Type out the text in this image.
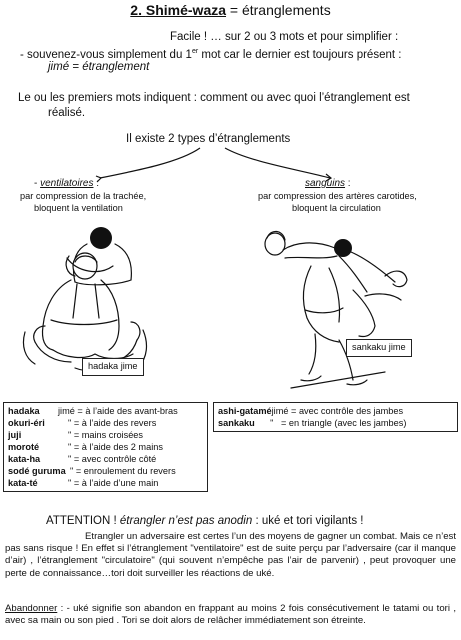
2. Shimé-waza = étranglements
Facile ! … sur 2 ou 3 mots et pour simplifier :
- souvenez-vous simplement du 1er mot car le dernier est toujours présent :
jimé = étranglement
Le ou les premiers mots indiquent : comment ou avec quoi l’étranglement est
réalisé.
Il existe 2 types d’étranglements
- ventilatoires :
par compression de la trachée,
bloquent la ventilation
sanguins :
par compression des artères carotides,
bloquent la circulation
hadaka jime
sankaku jime
hadaka	jimé = à l’aide des avant-bras
okuri-éri	" = à l’aide des revers
juji	" = mains croisées
moroté	" = à l’aide des 2 mains
kata-ha	" = avec contrôle côté
sodé guruma " = enroulement du revers
kata-té	" = à l’aide d’une main
ashi-gatamé jimé = avec contrôle des jambes
sankaku "   = en triangle (avec les jambes)
ATTENTION ! étrangler n’est pas anodin : uké et tori vigilants !
Etrangler un adversaire est certes l’un des moyens de gagner un combat. Mais ce n’est pas sans risque ! En effet si l’étranglement "ventilatoire" est de suite perçu par l’adversaire (car il manque d’air) , l’étranglement "circulatoire" (qui souvent n’empêche pas l’air de parvenir) , peut provoquer une perte de connaissance…tori doit surveiller les réactions de uké.
Abandonner : - uké signifie son abandon en frappant au moins 2 fois consécutivement le tatami ou tori , avec sa main ou son pied . Tori se doit alors de relâcher immédiatement son étreinte.
